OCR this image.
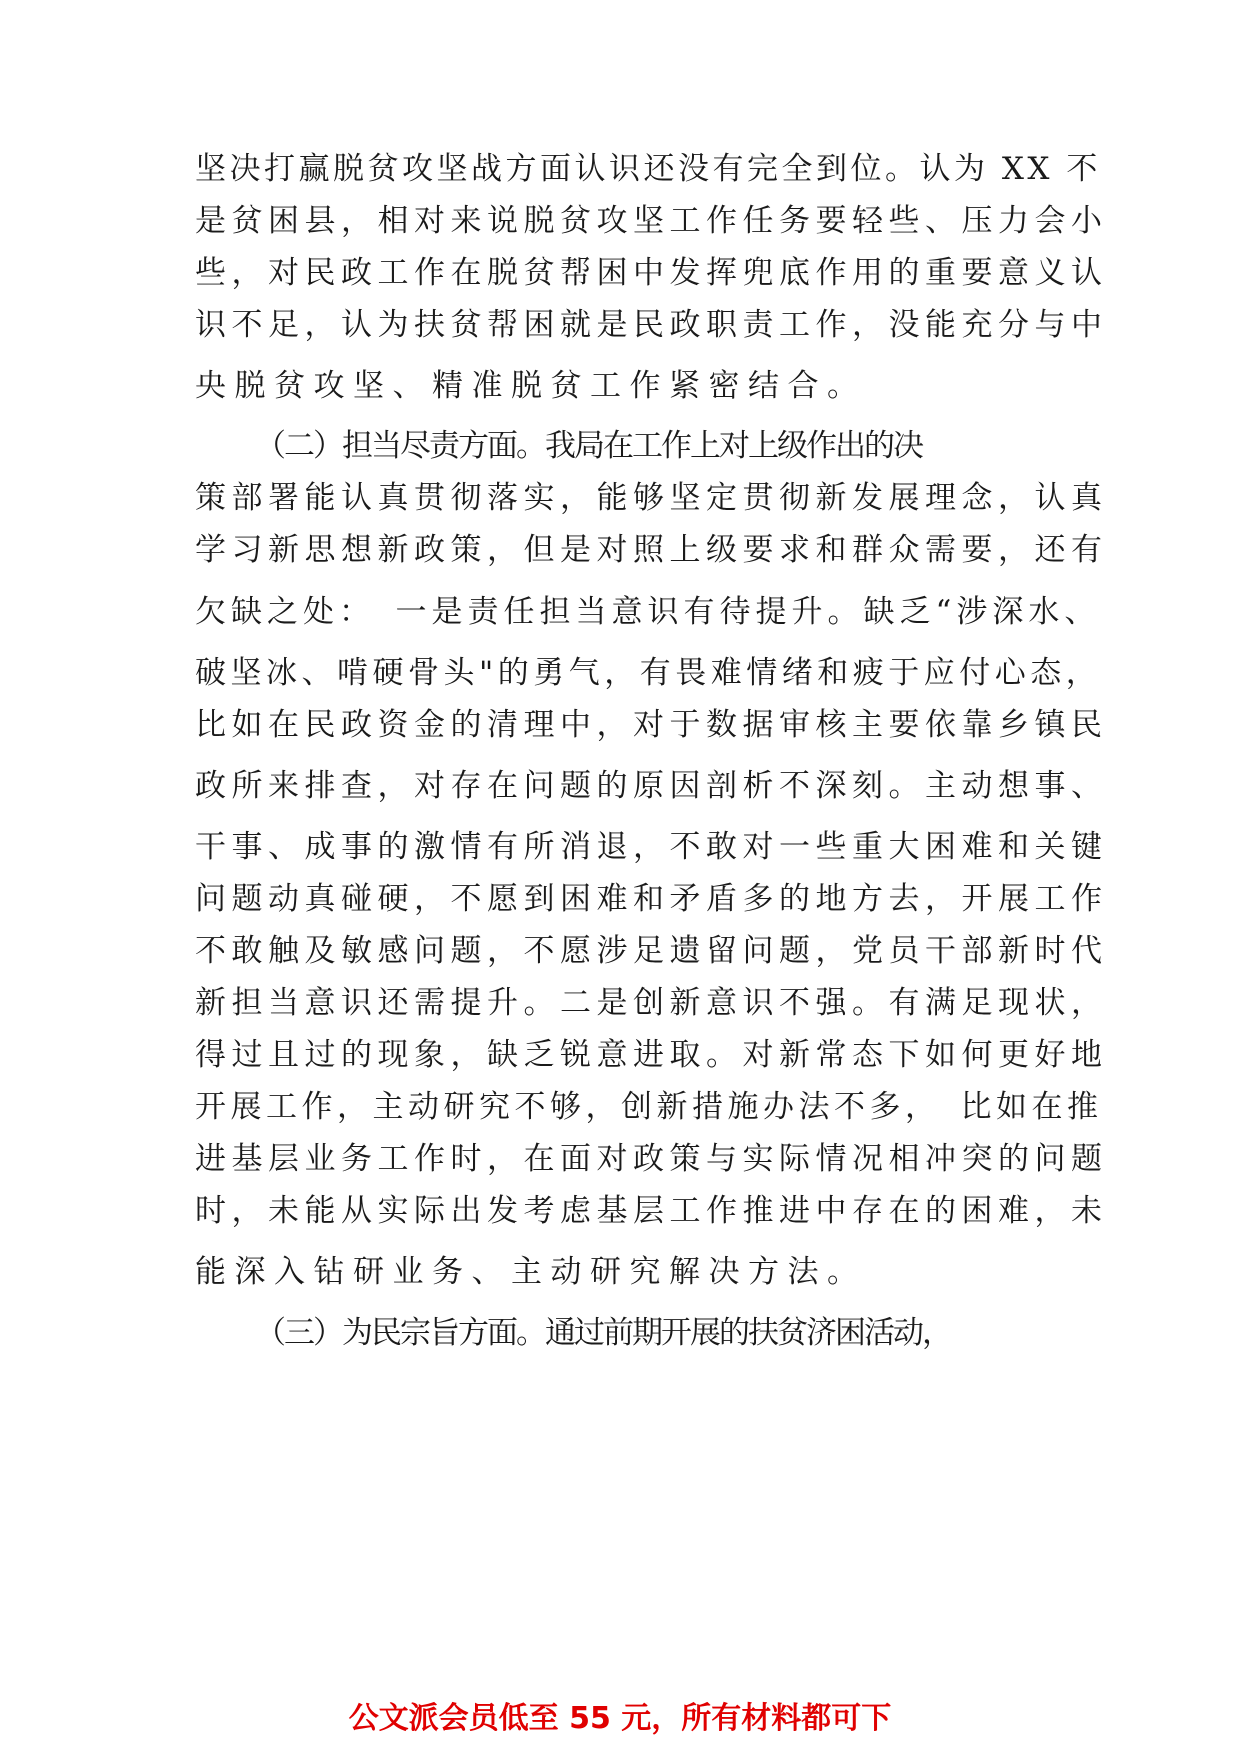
坚决打赢脱贫攻坚战方面认识还没有完全到位。认为 XX 不
是贫困县，相对来说脱贫攻坚工作任务要轻些、压力会小
些，对民政工作在脱贫帮困中发挥兜底作用的重要意义认
识不足，认为扶贫帮困就是民政职责工作，没能充分与中
央脱贫攻坚、精准脱贫工作紧密结合。
（二）担当尽责方面。我局在工作上对上级作出的决
策部署能认真贯彻落实，能够坚定贯彻新发展理念，认真
学习新思想新政策，但是对照上级要求和群众需要，还有
欠缺之处：　一是责任担当意识有待提升。缺乏“涉深水、
破坚冰、啃硬骨头"的勇气，有畏难情绪和疲于应付心态，
比如在民政资金的清理中，对于数据审核主要依靠乡镇民
政所来排查，对存在问题的原因剖析不深刻。主动想事、
干事、成事的激情有所消退，不敢对一些重大困难和关键
问题动真碰硬，不愿到困难和矛盾多的地方去，开展工作
不敢触及敏感问题，不愿涉足遗留问题，党员干部新时代
新担当意识还需提升。二是创新意识不强。有满足现状，
得过且过的现象，缺乏锐意进取。对新常态下如何更好地
开展工作，主动研究不够，创新措施办法不多，　比如在推
进基层业务工作时，在面对政策与实际情况相冲突的问题
时，未能从实际出发考虑基层工作推进中存在的困难，未
能深入钻研业务、主动研究解决方法。
（三）为民宗旨方面。通过前期开展的扶贫济困活动，
公文派会员低至 55 元，所有材料都可下
